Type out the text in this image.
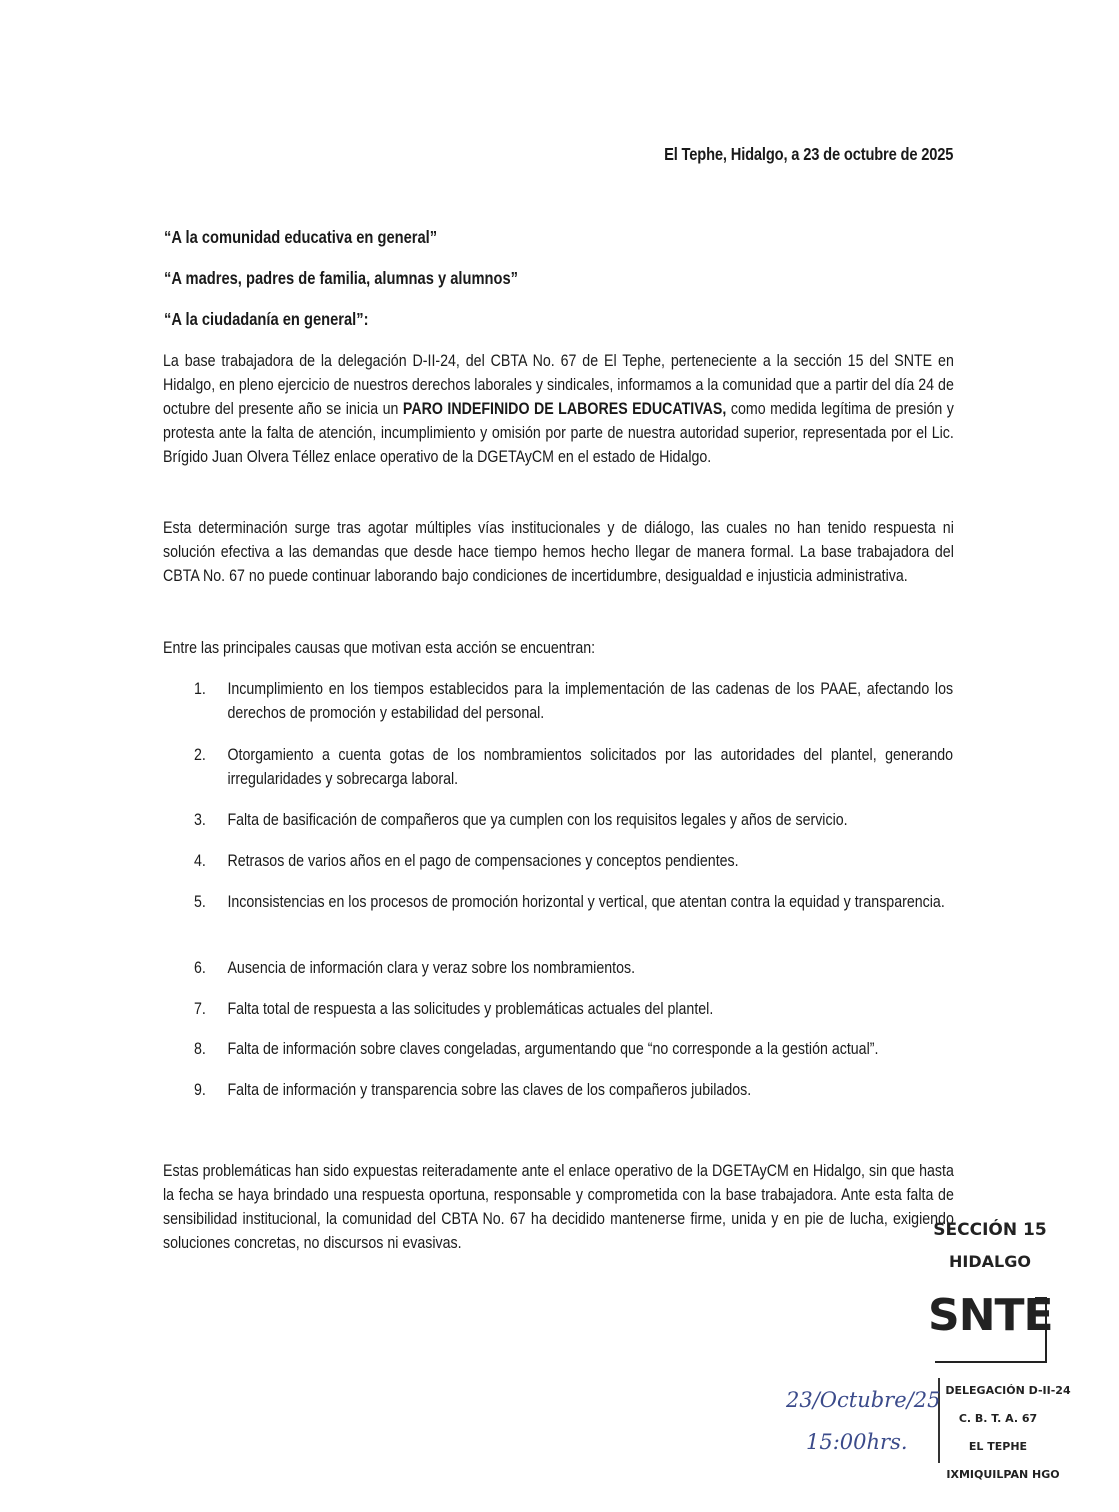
El Tephe, Hidalgo, a 23 de octubre de 2025
“A la comunidad educativa en general”
“A madres, padres de familia, alumnas y alumnos”
“A la ciudadanía en general”:
La base trabajadora de la delegación D-II-24, del CBTA No. 67 de El Tephe, perteneciente a la sección 15 del SNTE en Hidalgo, en pleno ejercicio de nuestros derechos laborales y sindicales, informamos a la comunidad que a partir del día 24 de octubre del presente año se inicia un PARO INDEFINIDO DE LABORES EDUCATIVAS, como medida legítima de presión y protesta ante la falta de atención, incumplimiento y omisión por parte de nuestra autoridad superior, representada por el Lic. Brígido Juan Olvera Téllez enlace operativo de la DGETAyCM en el estado de Hidalgo.
Esta determinación surge tras agotar múltiples vías institucionales y de diálogo, las cuales no han tenido respuesta ni solución efectiva a las demandas que desde hace tiempo hemos hecho llegar de manera formal. La base trabajadora del CBTA No. 67 no puede continuar laborando bajo condiciones de incertidumbre, desigualdad e injusticia administrativa.
Entre las principales causas que motivan esta acción se encuentran:
1. Incumplimiento en los tiempos establecidos para la implementación de las cadenas de los PAAE, afectando los derechos de promoción y estabilidad del personal.
2. Otorgamiento a cuenta gotas de los nombramientos solicitados por las autoridades del plantel, generando irregularidades y sobrecarga laboral.
3. Falta de basificación de compañeros que ya cumplen con los requisitos legales y años de servicio.
4. Retrasos de varios años en el pago de compensaciones y conceptos pendientes.
5. Inconsistencias en los procesos de promoción horizontal y vertical, que atentan contra la equidad y transparencia.
6. Ausencia de información clara y veraz sobre los nombramientos.
7. Falta total de respuesta a las solicitudes y problemáticas actuales del plantel.
8. Falta de información sobre claves congeladas, argumentando que “no corresponde a la gestión actual”.
9. Falta de información y transparencia sobre las claves de los compañeros jubilados.
Estas problemáticas han sido expuestas reiteradamente ante el enlace operativo de la DGETAyCM en Hidalgo, sin que hasta la fecha se haya brindado una respuesta oportuna, responsable y comprometida con la base trabajadora. Ante esta falta de sensibilidad institucional, la comunidad del CBTA No. 67 ha decidido mantenerse firme, unida y en pie de lucha, exigiendo soluciones concretas, no discursos ni evasivas.
SECCIÓN 15
HIDALGO
SNTE
DELEGACIÓN D-II-24
C. B. T. A. 67
EL TEPHE
IXMIQUILPAN HGO
23/Octubre/25
15:00hrs.
